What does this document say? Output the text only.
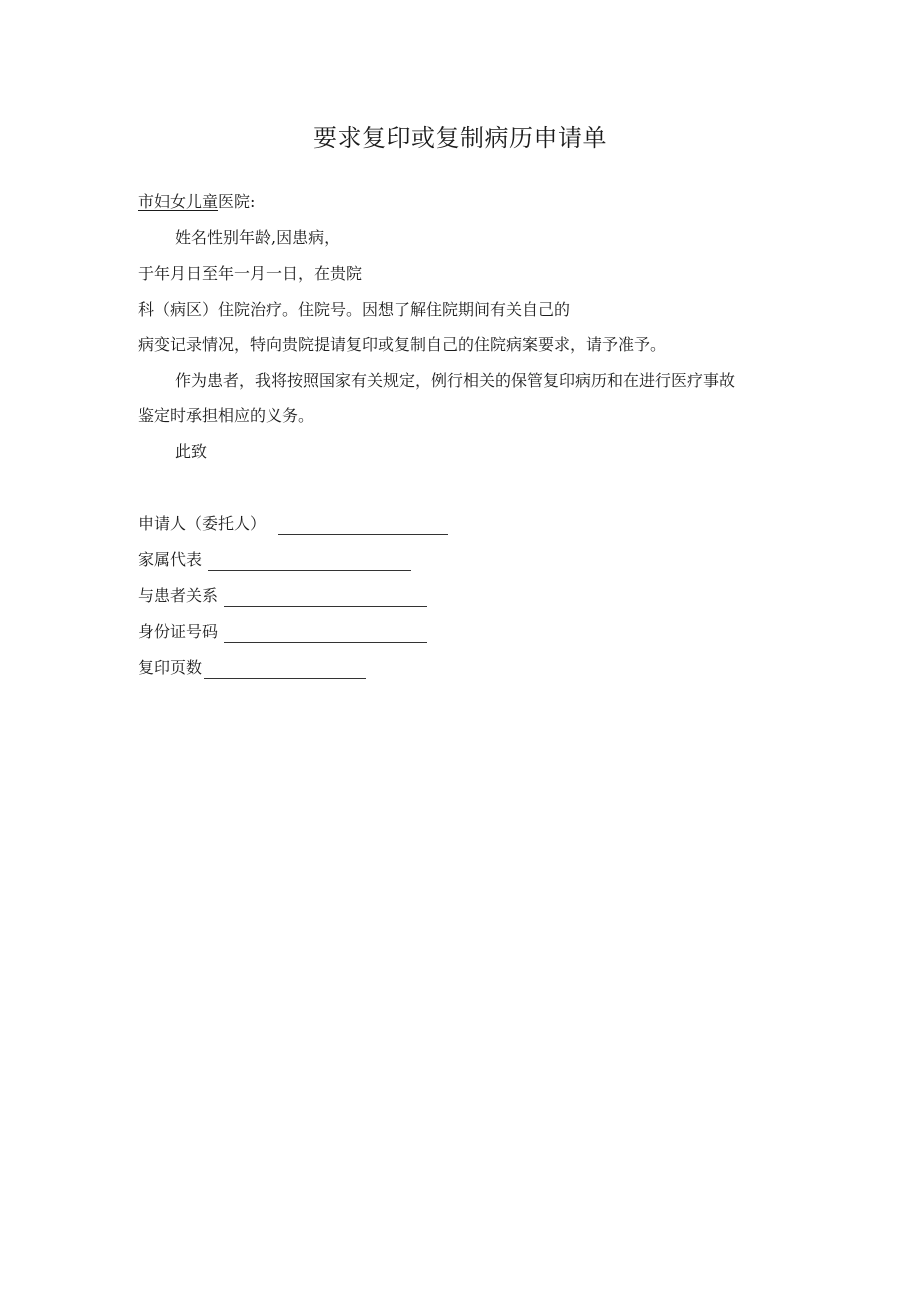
要求复印或复制病历申请单
市妇女儿童医院:
姓名性别年龄,因患病，
于年月日至年一月一日，在贵院
科（病区）住院治疗。住院号。因想了解住院期间有关自己的
病变记录情况，特向贵院提请复印或复制自己的住院病案要求，请予准予。
作为患者，我将按照国家有关规定，例行相关的保管复印病历和在进行医疗事故
鉴定时承担相应的义务。
此致
申请人（委托人）
家属代表
与患者关系
身份证号码
复印页数
